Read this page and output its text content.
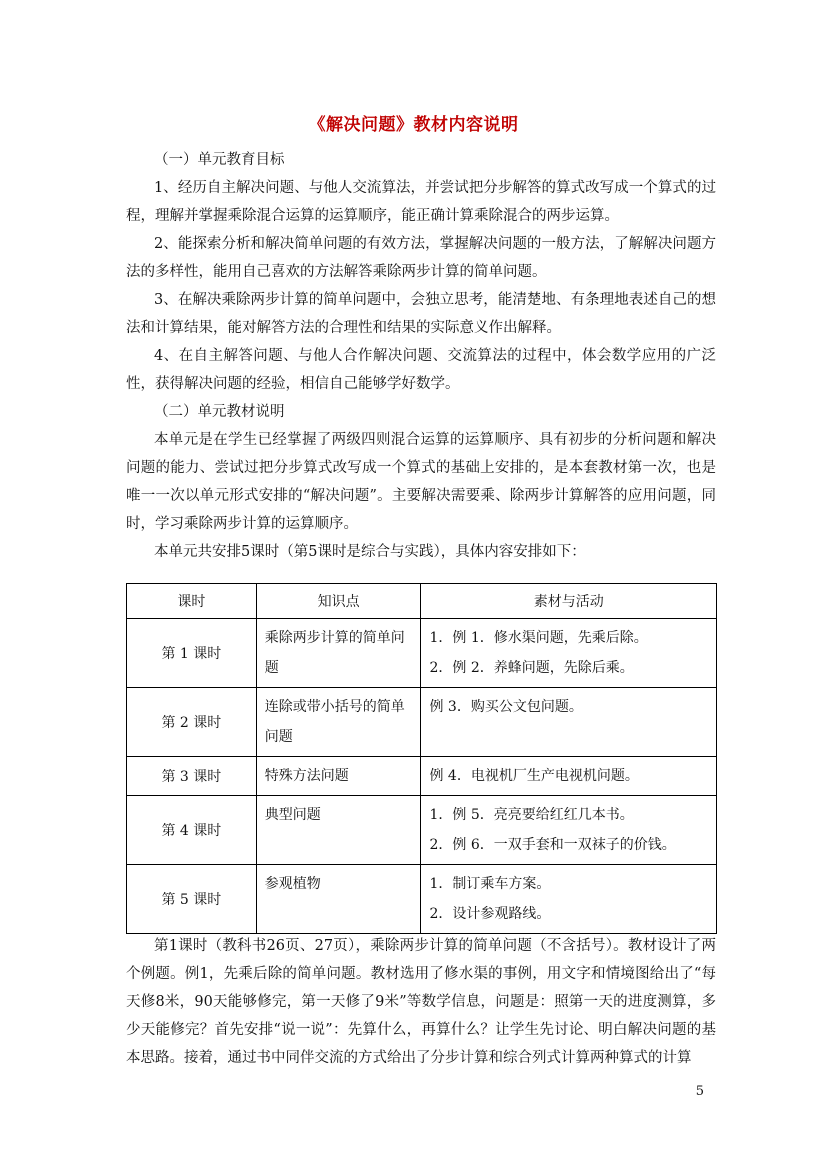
《解决问题》教材内容说明
（一）单元教育目标
1、经历自主解决问题、与他人交流算法，并尝试把分步解答的算式改写成一个算式的过程，理解并掌握乘除混合运算的运算顺序，能正确计算乘除混合的两步运算。
2、能探索分析和解决简单问题的有效方法，掌握解决问题的一般方法，了解解决问题方法的多样性，能用自己喜欢的方法解答乘除两步计算的简单问题。
3、在解决乘除两步计算的简单问题中，会独立思考，能清楚地、有条理地表述自己的想法和计算结果，能对解答方法的合理性和结果的实际意义作出解释。
4、在自主解答问题、与他人合作解决问题、交流算法的过程中，体会数学应用的广泛性，获得解决问题的经验，相信自己能够学好数学。
（二）单元教材说明
本单元是在学生已经掌握了两级四则混合运算的运算顺序、具有初步的分析问题和解决问题的能力、尝试过把分步算式改写成一个算式的基础上安排的，是本套教材第一次，也是唯一一次以单元形式安排的“解决问题”。主要解决需要乘、除两步计算解答的应用问题，同时，学习乘除两步计算的运算顺序。
本单元共安排5课时（第5课时是综合与实践），具体内容安排如下：
课时	知识点	素材与活动
第 1 课时	乘除两步计算的简单问题	1．例 1．修水渠问题，先乘后除。
2．例 2．养蜂问题，先除后乘。

第 2 课时	连除或带小括号的简单问题	例 3．购买公文包问题。

第 3 课时	特殊方法问题	例 4．电视机厂生产电视机问题。

第 4 课时	典型问题	1．例 5．亮亮要给红红几本书。
2．例 6．一双手套和一双袜子的价钱。

第 5 课时	参观植物	1．制订乘车方案。
2．设计参观路线。
第1课时（教科书26页、27页），乘除两步计算的简单问题（不含括号）。教材设计了两个例题。例1，先乘后除的简单问题。教材选用了修水渠的事例，用文字和情境图给出了“每天修8米，90天能够修完，第一天修了9米”等数学信息，问题是：照第一天的进度测算，多少天能修完？首先安排“说一说”：先算什么，再算什么？让学生先讨论、明白解决问题的基本思路。接着，通过书中同伴交流的方式给出了分步计算和综合列式计算两种算式的计算
5
